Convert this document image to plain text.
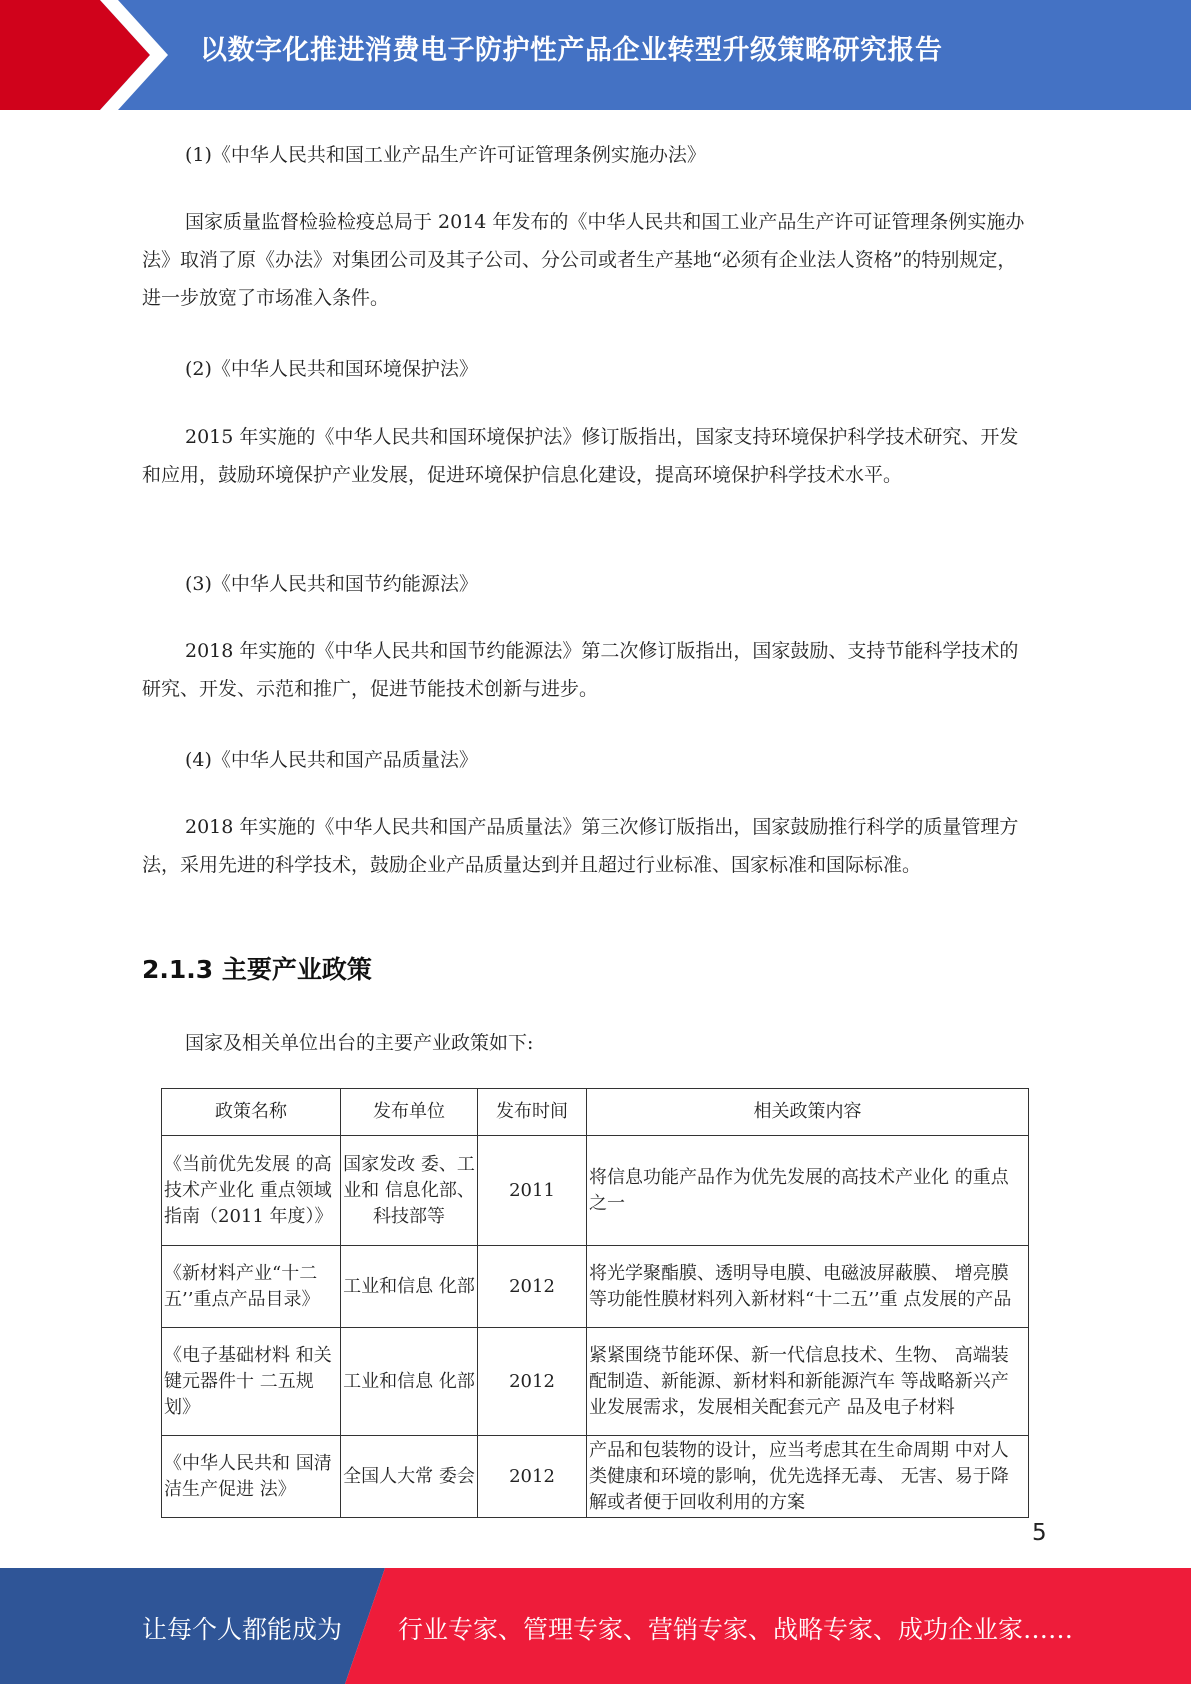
以数字化推进消费电子防护性产品企业转型升级策略研究报告

(1)《中华人民共和国工业产品生产许可证管理条例实施办法》

国家质量监督检验检疫总局于 2014 年发布的《中华人民共和国工业产品生产许可证管理条例实施办法》取消了原《办法》对集团公司及其子公司、分公司或者生产基地“必须有企业法人资格”的特别规定，进一步放宽了市场准入条件。

(2)《中华人民共和国环境保护法》

2015 年实施的《中华人民共和国环境保护法》修订版指出，国家支持环境保护科学技术研究、开发和应用，鼓励环境保护产业发展，促进环境保护信息化建设，提高环境保护科学技术水平。

(3)《中华人民共和国节约能源法》

2018 年实施的《中华人民共和国节约能源法》第二次修订版指出，国家鼓励、支持节能科学技术的研究、开发、示范和推广，促进节能技术创新与进步。

(4)《中华人民共和国产品质量法》

2018 年实施的《中华人民共和国产品质量法》第三次修订版指出，国家鼓励推行科学的质量管理方法，采用先进的科学技术，鼓励企业产品质量达到并且超过行业标准、国家标准和国际标准。

2.1.3 主要产业政策

国家及相关单位出台的主要产业政策如下:

政策名称	发布单位	发布时间	相关政策内容
《当前优先发展 的高技术产业化 重点领域指南（2011 年度）》	国家发改 委、工业和 信息化部、科技部等	2011	将信息功能产品作为优先发展的高技术产业化 的重点之一
《新材料产业“十二五’’重点产品目录》	工业和信息 化部	2012	将光学聚酯膜、透明导电膜、电磁波屏蔽膜、 增亮膜等功能性膜材料列入新材料“十二五’’重 点发展的产品
《电子基础材料 和关键元器件十 二五规划》	工业和信息 化部	2012	紧紧围绕节能环保、新一代信息技术、生物、 高端装配制造、新能源、新材料和新能源汽车 等战略新兴产业发展需求，发展相关配套元产 品及电子材料
《中华人民共和 国清洁生产促进 法》	全国人大常 委会	2012	产品和包装物的设计，应当考虑其在生命周期 中对人类健康和环境的影响，优先选择无毒、 无害、易于降解或者便于回收利用的方案
5
让每个人都能成为 行业专家、管理专家、营销专家、战略专家、成功企业家……
